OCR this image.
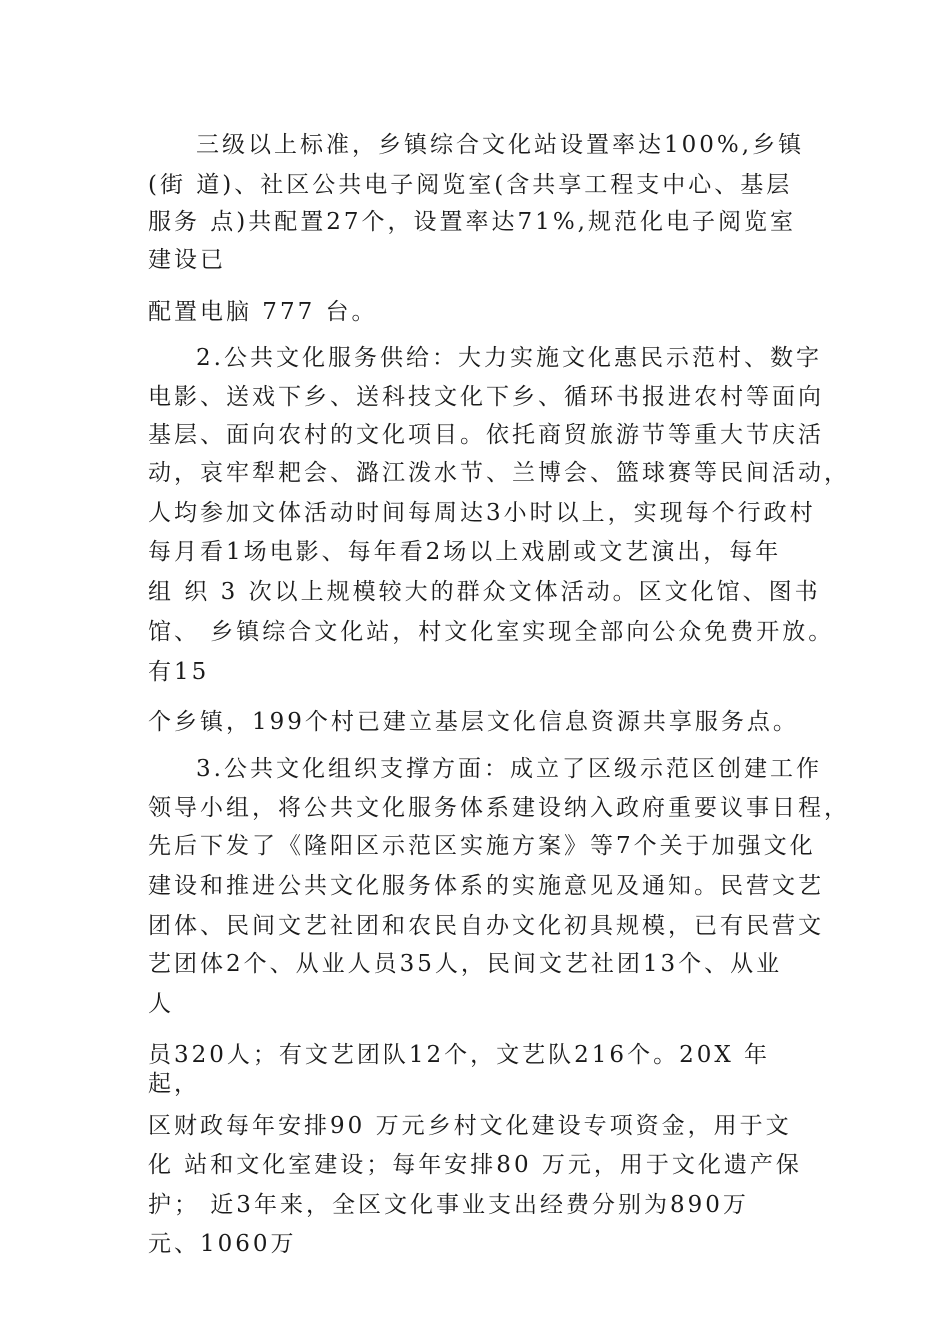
三级以上标准，乡镇综合文化站设置率达100%,乡镇
(街 道)、社区公共电子阅览室(含共享工程支中心、基层
服务 点)共配置27个，设置率达71%,规范化电子阅览室
建设已
配置电脑 777 台。
2.公共文化服务供给：大力实施文化惠民示范村、数字
电影、送戏下乡、送科技文化下乡、循环书报进农村等面向
基层、面向农村的文化项目。依托商贸旅游节等重大节庆活
动，哀牢犁耙会、潞江泼水节、兰博会、篮球赛等民间活动，
人均参加文体活动时间每周达3小时以上，实现每个行政村
每月看1场电影、每年看2场以上戏剧或文艺演出，每年
组 织 3 次以上规模较大的群众文体活动。区文化馆、图书
馆、 乡镇综合文化站，村文化室实现全部向公众免费开放。
有15
个乡镇，199个村已建立基层文化信息资源共享服务点。
3.公共文化组织支撑方面：成立了区级示范区创建工作
领导小组，将公共文化服务体系建设纳入政府重要议事日程，
先后下发了《隆阳区示范区实施方案》等7个关于加强文化
建设和推进公共文化服务体系的实施意见及通知。民营文艺
团体、民间文艺社团和农民自办文化初具规模，已有民营文
艺团体2个、从业人员35人，民间文艺社团13个、从业
人
员320人；有文艺团队12个，文艺队216个。20X 年
起，
区财政每年安排90 万元乡村文化建设专项资金，用于文
化 站和文化室建设；每年安排80 万元，用于文化遗产保
护； 近3年来，全区文化事业支出经费分别为890万
元、1060万
